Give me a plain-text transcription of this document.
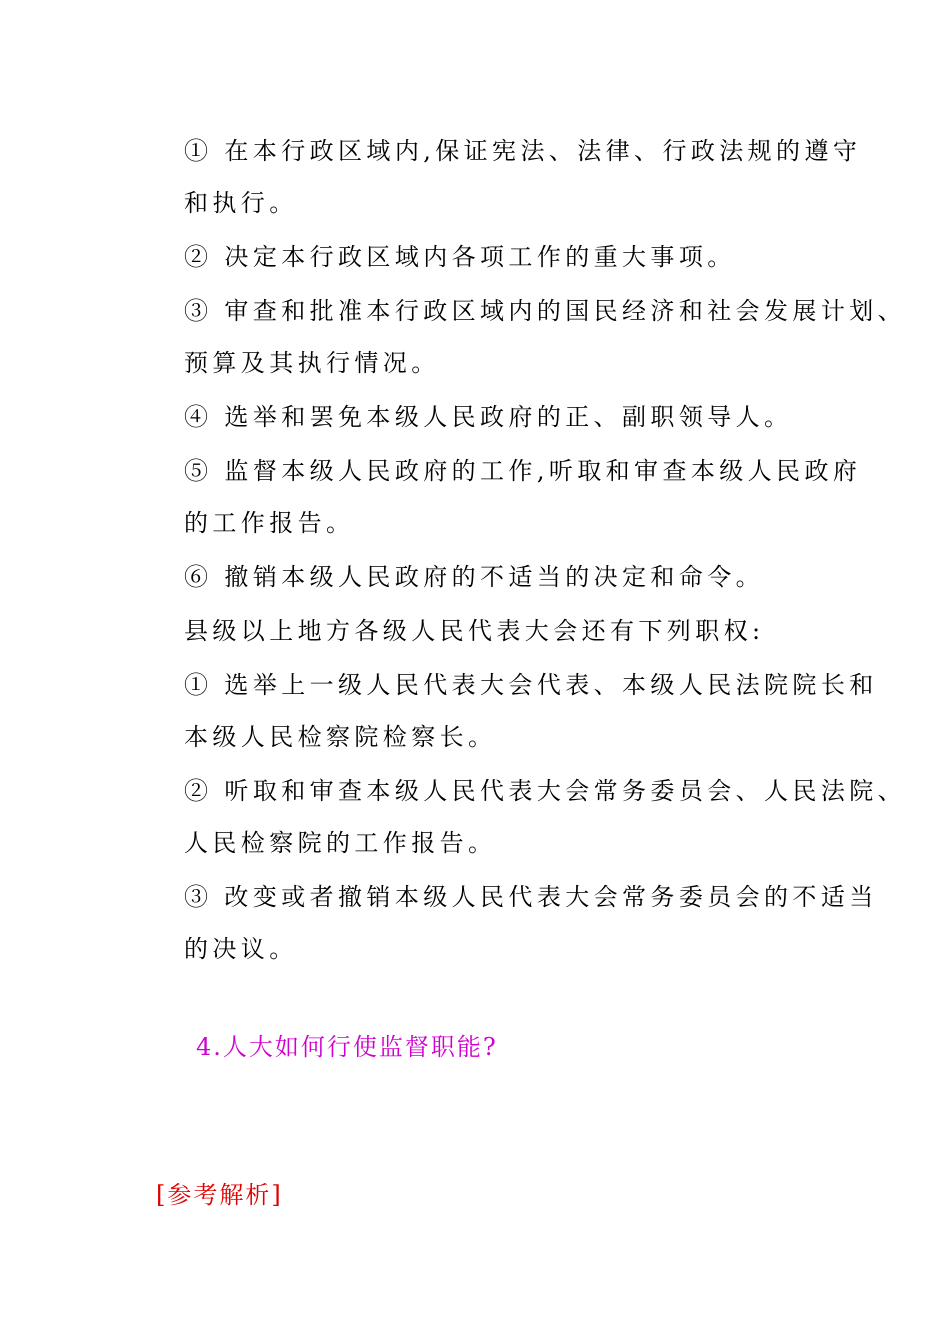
① 在本行政区域内,保证宪法、法律、行政法规的遵守
和执行。
② 决定本行政区域内各项工作的重大事项。
③ 审查和批准本行政区域内的国民经济和社会发展计划、
预算及其执行情况。
④ 选举和罢免本级人民政府的正、副职领导人。
⑤ 监督本级人民政府的工作,听取和审查本级人民政府
的工作报告。
⑥ 撤销本级人民政府的不适当的决定和命令。
县级以上地方各级人民代表大会还有下列职权:
① 选举上一级人民代表大会代表、本级人民法院院长和
本级人民检察院检察长。
② 听取和审查本级人民代表大会常务委员会、人民法院、
人民检察院的工作报告。
③ 改变或者撤销本级人民代表大会常务委员会的不适当
的决议。
4.人大如何行使监督职能?
[参考解析]
